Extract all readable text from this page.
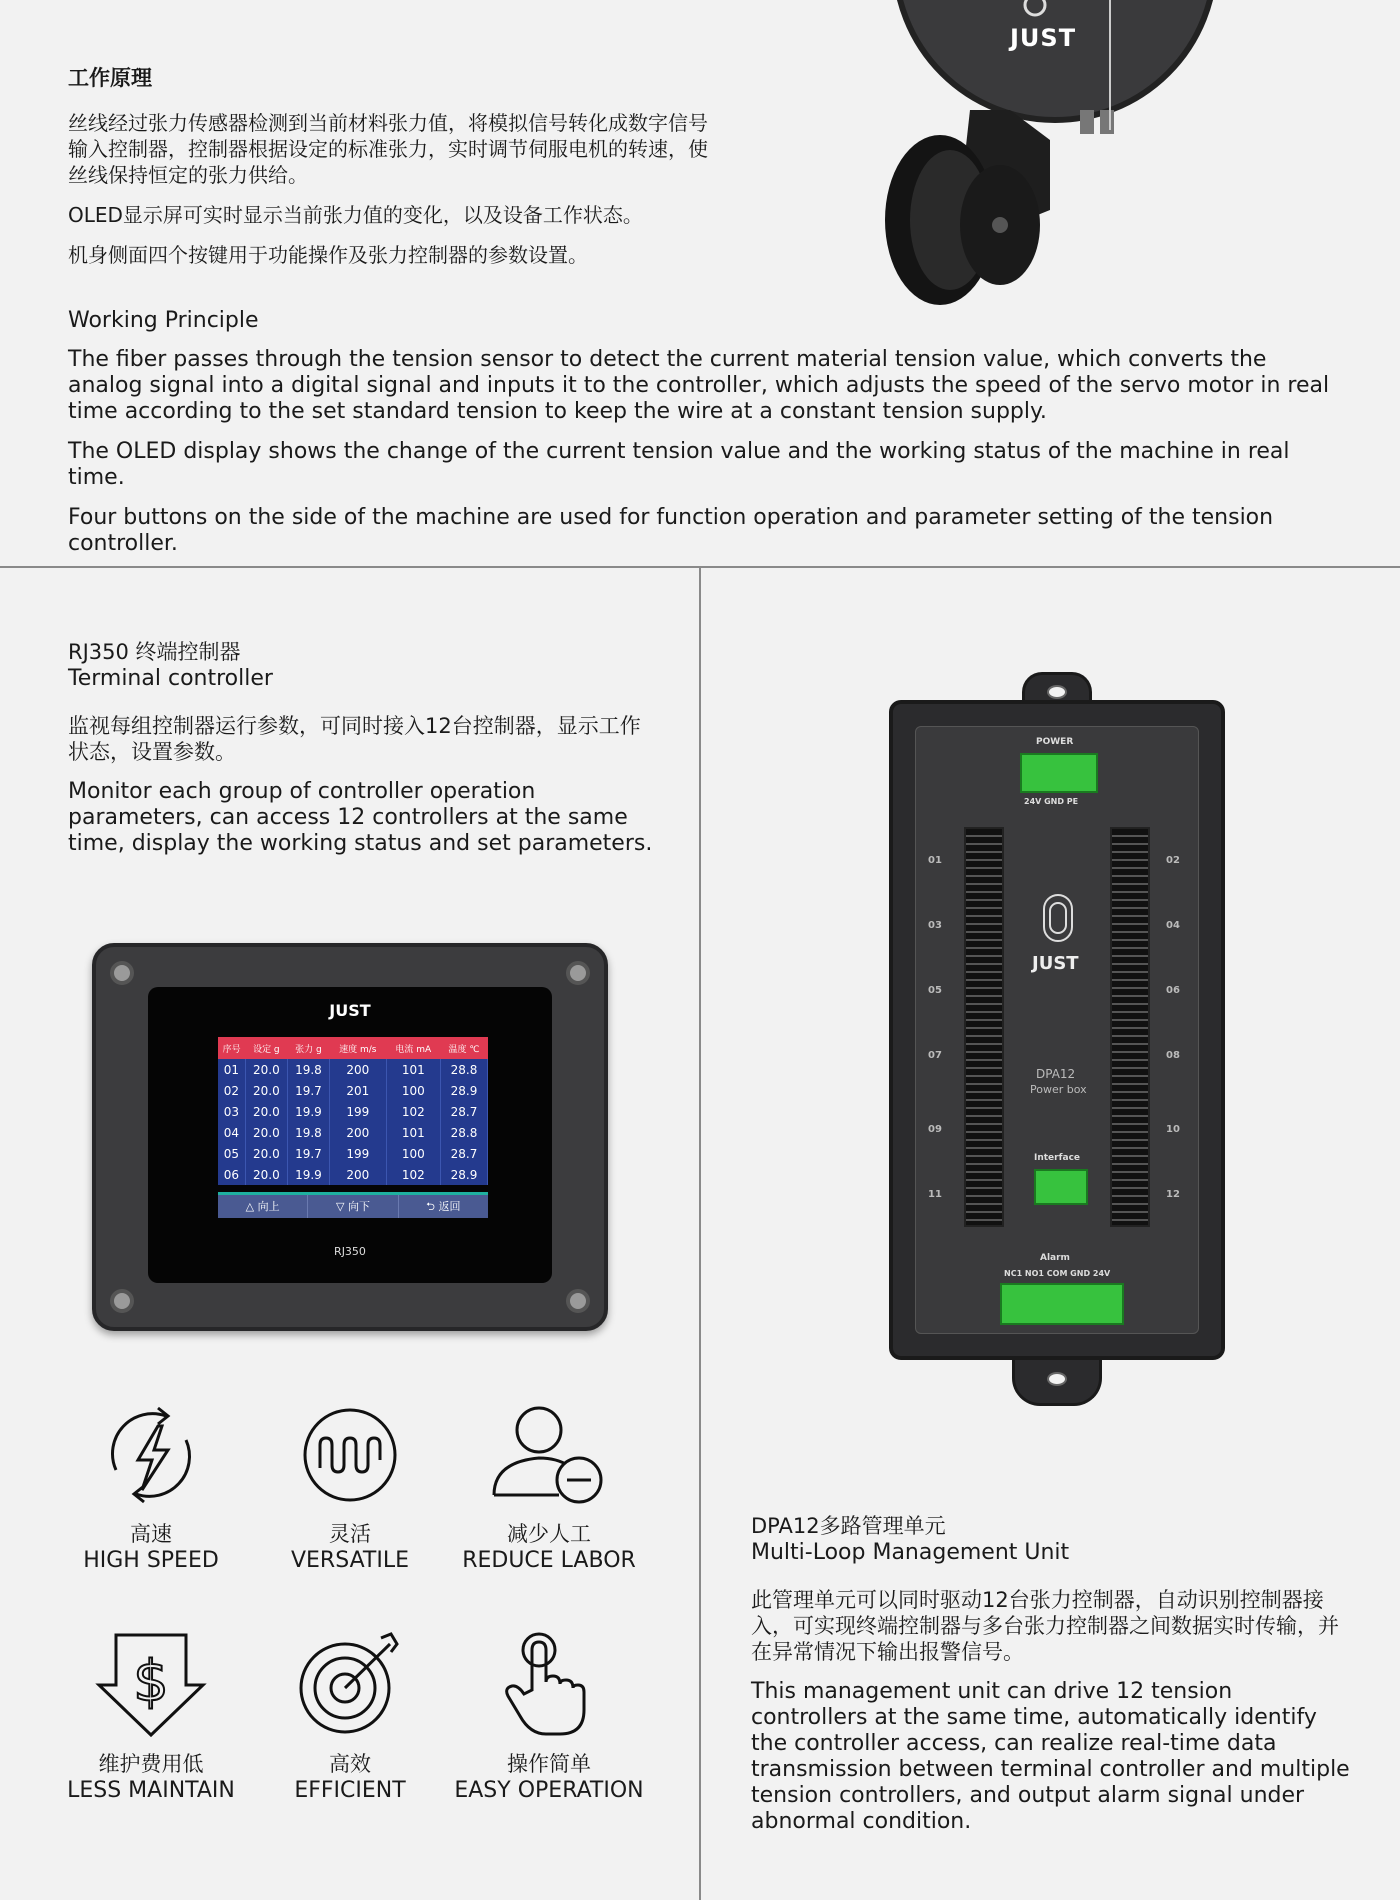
工作原理

丝线经过张力传感器检测到当前材料张力值，将模拟信号转化成数字信号输入控制器，控制器根据设定的标准张力，实时调节伺服电机的转速，使丝线保持恒定的张力供给。

OLED显示屏可实时显示当前张力值的变化，以及设备工作状态。

机身侧面四个按键用于功能操作及张力控制器的参数设置。

Working Principle

The fiber passes through the tension sensor to detect the current material tension value, which converts the analog signal into a digital signal and inputs it to the controller, which adjusts the speed of the servo motor in real time according to the set standard tension to keep the wire at a constant tension supply.

The OLED display shows the change of the current tension value and the working status of the machine in real time.

Four buttons on the side of the machine are used for function operation and parameter setting of the tension controller.

JUST
RJ350 终端控制器
Terminal controller

监视每组控制器运行参数，可同时接入12台控制器，显示工作状态，设置参数。

Monitor each group of controller operation parameters, can access 12 controllers at the same time, display the working status and set parameters.

JUST
序号	设定 g	张力 g	速度 m/s	电流 mA	温度 ℃
01	20.0	19.8	200	101	28.8
02	20.0	19.7	201	100	28.9
03	20.0	19.9	199	102	28.7
04	20.0	19.8	200	101	28.8
05	20.0	19.7	199	100	28.7
06	20.0	19.9	200	102	28.9
△ 向上	▽ 向下	⮌ 返回
RJ350
高速
HIGH SPEED
灵活
VERSATILE
减少人工
REDUCE LABOR
$
维护费用低
LESS MAINTAIN
高效
EFFICIENT
操作简单
EASY OPERATION
POWER
24V GND PE
01
03
05
07
09
11
02
04
06
08
10
12
JUST
DPA12
Power box
Interface
Alarm
NC1 NO1 COM GND 24V
DPA12多路管理单元
Multi-Loop Management Unit

此管理单元可以同时驱动12台张力控制器，自动识别控制器接入，可实现终端控制器与多台张力控制器之间数据实时传输，并在异常情况下输出报警信号。

This management unit can drive 12 tension controllers at the same time, automatically identify the controller access, can realize real-time data transmission between terminal controller and multiple tension controllers, and output alarm signal under abnormal condition.
